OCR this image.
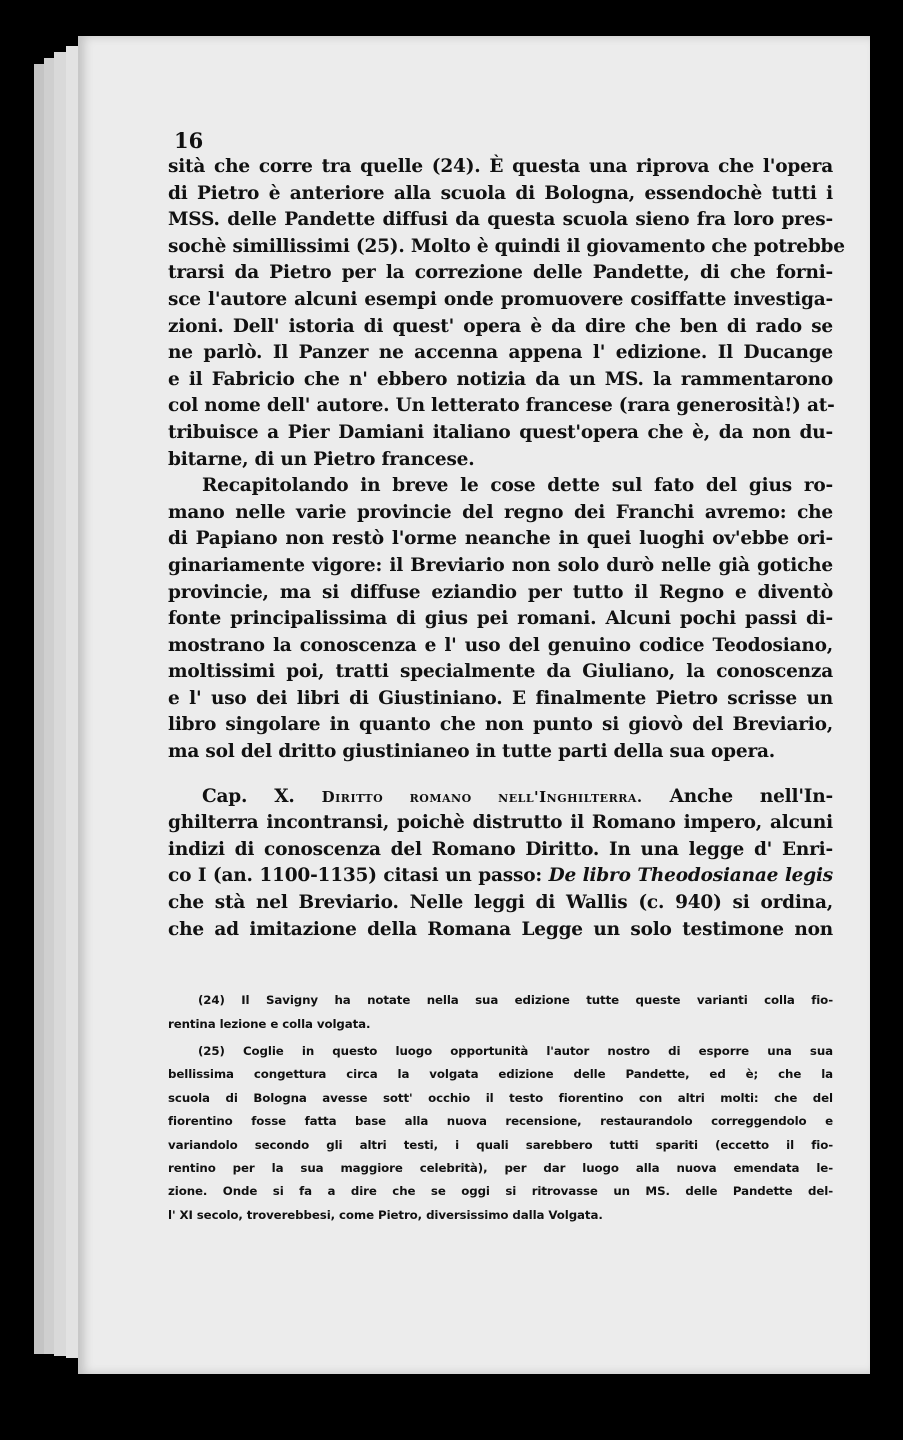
16
sità che corre tra quelle (24). È questa una riprova che l'opera
di Pietro è anteriore alla scuola di Bologna, essendochè tutti i
MSS. delle Pandette diffusi da questa scuola sieno fra loro pres-
sochè simillissimi (25). Molto è quindi il giovamento che potrebbe
trarsi da Pietro per la correzione delle Pandette, di che forni-
sce l'autore alcuni esempi onde promuovere cosiffatte investiga-
zioni. Dell' istoria di quest' opera è da dire che ben di rado se
ne parlò. Il Panzer ne accenna appena l' edizione. Il Ducange
e il Fabricio che n' ebbero notizia da un MS. la rammentarono
col nome dell' autore. Un letterato francese (rara generosità!) at-
tribuisce a Pier Damiani italiano quest'opera che è, da non du-
bitarne, di un Pietro francese.
Recapitolando in breve le cose dette sul fato del gius ro-
mano nelle varie provincie del regno dei Franchi avremo: che
di Papiano non restò l'orme neanche in quei luoghi ov'ebbe ori-
ginariamente vigore: il Breviario non solo durò nelle già gotiche
provincie, ma si diffuse eziandio per tutto il Regno e diventò
fonte principalissima di gius pei romani. Alcuni pochi passi di-
mostrano la conoscenza e l' uso del genuino codice Teodosiano,
moltissimi poi, tratti specialmente da Giuliano, la conoscenza
e l' uso dei libri di Giustiniano. E finalmente Pietro scrisse un
libro singolare in quanto che non punto si giovò del Breviario,
ma sol del dritto giustinianeo in tutte parti della sua opera.
Cap. X. Diritto romano nell'Inghilterra. Anche nell'In-
ghilterra incontransi, poichè distrutto il Romano impero, alcuni
indizi di conoscenza del Romano Diritto. In una legge d' Enri-
co I (an. 1100-1135) citasi un passo: De libro Theodosianae legis
che stà nel Breviario. Nelle leggi di Wallis (c. 940) si ordina,
che ad imitazione della Romana Legge un solo testimone non
(24) Il Savigny ha notate nella sua edizione tutte queste varianti colla fio-
rentina lezione e colla volgata.
(25) Coglie in questo luogo opportunità l'autor nostro di esporre una sua
bellissima congettura circa la volgata edizione delle Pandette, ed è; che la
scuola di Bologna avesse sott' occhio il testo fiorentino con altri molti: che del
fiorentino fosse fatta base alla nuova recensione, restaurandolo correggendolo e
variandolo secondo gli altri testi, i quali sarebbero tutti spariti (eccetto il fio-
rentino per la sua maggiore celebrità), per dar luogo alla nuova emendata le-
zione. Onde si fa a dire che se oggi si ritrovasse un MS. delle Pandette del-
l' XI secolo, troverebbesi, come Pietro, diversissimo dalla Volgata.
